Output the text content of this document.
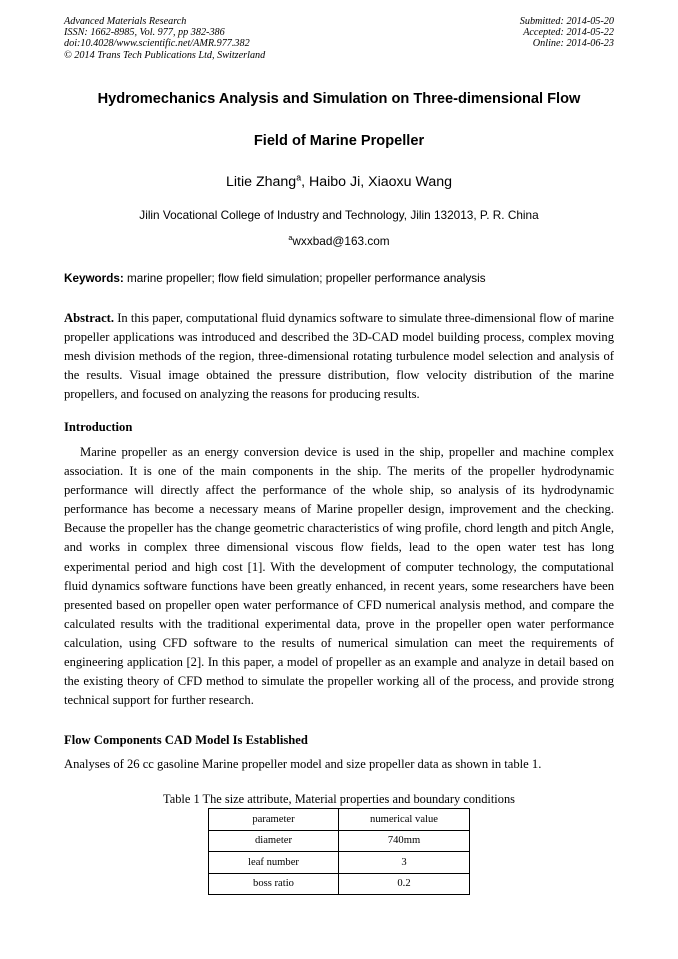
Advanced Materials Research
ISSN: 1662-8985, Vol. 977, pp 382-386
doi:10.4028/www.scientific.net/AMR.977.382
© 2014 Trans Tech Publications Ltd, Switzerland
Submitted: 2014-05-20
Accepted: 2014-05-22
Online: 2014-06-23
Hydromechanics Analysis and Simulation on Three-dimensional Flow
Field of Marine Propeller
Litie Zhang$^a$, Haibo Ji, Xiaoxu Wang
Jilin Vocational College of Industry and Technology, Jilin 132013, P. R. China
$^a$wxxbad@163.com
Keywords: marine propeller; flow field simulation; propeller performance analysis
Abstract. In this paper, computational fluid dynamics software to simulate three-dimensional flow of marine propeller applications was introduced and described the 3D-CAD model building process, complex moving mesh division methods of the region, three-dimensional rotating turbulence model selection and analysis of the results. Visual image obtained the pressure distribution, flow velocity distribution of the marine propellers, and focused on analyzing the reasons for producing results.
Introduction
Marine propeller as an energy conversion device is used in the ship, propeller and machine complex association. It is one of the main components in the ship. The merits of the propeller hydrodynamic performance will directly affect the performance of the whole ship, so analysis of its hydrodynamic performance has become a necessary means of Marine propeller design, improvement and the checking. Because the propeller has the change geometric characteristics of wing profile, chord length and pitch Angle, and works in complex three dimensional viscous flow fields, lead to the open water test has long experimental period and high cost [1]. With the development of computer technology, the computational fluid dynamics software functions have been greatly enhanced, in recent years, some researchers have been presented based on propeller open water performance of CFD numerical analysis method, and compare the calculated results with the traditional experimental data, prove in the propeller open water performance calculation, using CFD software to the results of numerical simulation can meet the requirements of engineering application [2]. In this paper, a model of propeller as an example and analyze in detail based on the existing theory of CFD method to simulate the propeller working all of the process, and provide strong technical support for further research.
Flow Components CAD Model Is Established
Analyses of 26 cc gasoline Marine propeller model and size propeller data as shown in table 1.
Table 1 The size attribute, Material properties and boundary conditions
parameter	numerical value
diameter	740mm
leaf number	3
boss ratio	0.2
